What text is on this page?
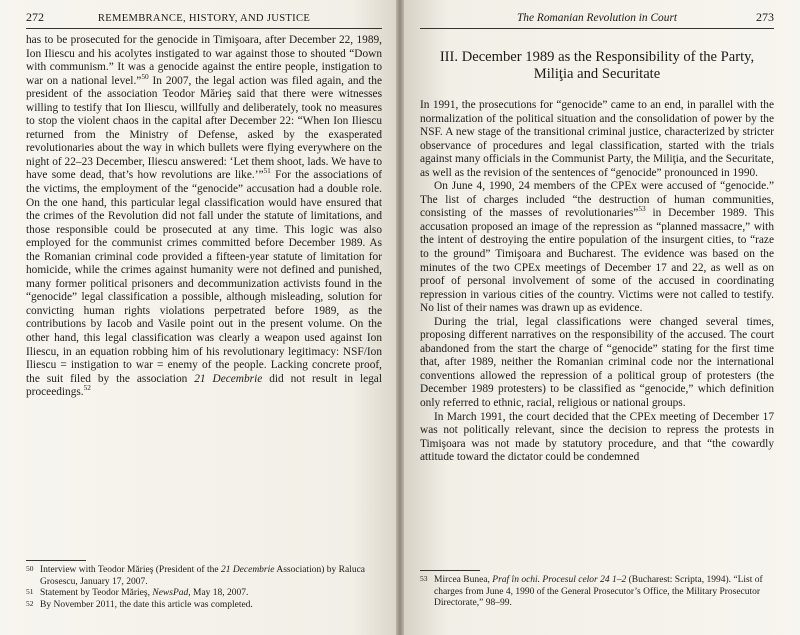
272	REMEMBRANCE, HISTORY, AND JUSTICE

has to be prosecuted for the genocide in Timişoara, after December 22, 1989, Ion Iliescu and his acolytes instigated to war against those to shouted “Down with communism.” It was a genocide against the entire people, instigation to war on a national level.”$^{50}$ In 2007, the legal action was filed again, and the president of the association Teodor Mărieş said that there were witnesses willing to testify that Ion Iliescu, willfully and deliberately, took no measures to stop the violent chaos in the capital after December 22: “When Ion Iliescu returned from the Ministry of Defense, asked by the exasperated revolutionaries about the way in which bullets were flying everywhere on the night of 22–23 December, Iliescu answered: ‘Let them shoot, lads. We have to have some dead, that’s how revolutions are like.’”$^{51}$ For the associations of the victims, the employment of the “genocide” accusation had a double role. On the one hand, this particular legal classification would have ensured that the crimes of the Revolution did not fall under the statute of limitations, and those responsible could be prosecuted at any time. This logic was also employed for the communist crimes committed before December 1989. As the Romanian criminal code provided a fifteen-year statute of limitation for homicide, while the crimes against humanity were not defined and punished, many former political prisoners and decommunization activists found in the “genocide” legal classification a possible, although misleading, solution for convicting human rights violations perpetrated before 1989, as the contributions by Iacob and Vasile point out in the present volume. On the other hand, this legal classification was clearly a weapon used against Ion Iliescu, in an equation robbing him of his revolutionary legitimacy: NSF/Ion Iliescu = instigation to war = enemy of the people. Lacking concrete proof, the suit filed by the association 21 Decembrie did not result in legal proceedings.$^{52}$

50 Interview with Teodor Mărieş (President of the 21 Decembrie Association) by Raluca Grosescu, January 17, 2007.
51 Statement by Teodor Mărieş, NewsPad, May 18, 2007.
52 By November 2011, the date this article was completed.
The Romanian Revolution in Court	273
III. December 1989 as the Responsibility of the Party, Miliţia and Securitate

In 1991, the prosecutions for “genocide” came to an end, in parallel with the normalization of the political situation and the consolidation of power by the NSF. A new stage of the transitional criminal justice, characterized by stricter observance of procedures and legal classification, started with the trials against many officials in the Communist Party, the Miliţia, and the Securitate, as well as the revision of the sentences of “genocide” pronounced in 1990.

On June 4, 1990, 24 members of the CPEx were accused of “genocide.” The list of charges included “the destruction of human communities, consisting of the masses of revolutionaries”$^{53}$ in December 1989. This accusation proposed an image of the repression as “planned massacre,” with the intent of destroying the entire population of the insurgent cities, to “raze to the ground” Timişoara and Bucharest. The evidence was based on the minutes of the two CPEx meetings of December 17 and 22, as well as on proof of personal involvement of some of the accused in coordinating repression in various cities of the country. Victims were not called to testify. No list of their names was drawn up as evidence.

During the trial, legal classifications were changed several times, proposing different narratives on the responsibility of the accused. The court abandoned from the start the charge of “genocide” stating for the first time that, after 1989, neither the Romanian criminal code nor the international conventions allowed the repression of a political group of protesters (the December 1989 protesters) to be classified as “genocide,” which definition only referred to ethnic, racial, religious or national groups.

In March 1991, the court decided that the CPEx meeting of December 17 was not politically relevant, since the decision to repress the protests in Timişoara was not made by statutory procedure, and that “the cowardly attitude toward the dictator could be condemned

53 Mircea Bunea, Praf în ochi. Procesul celor 24 1–2 (Bucharest: Scripta, 1994). “List of charges from June 4, 1990 of the General Prosecutor’s Office, the Military Prosecutor Directorate,” 98–99.
